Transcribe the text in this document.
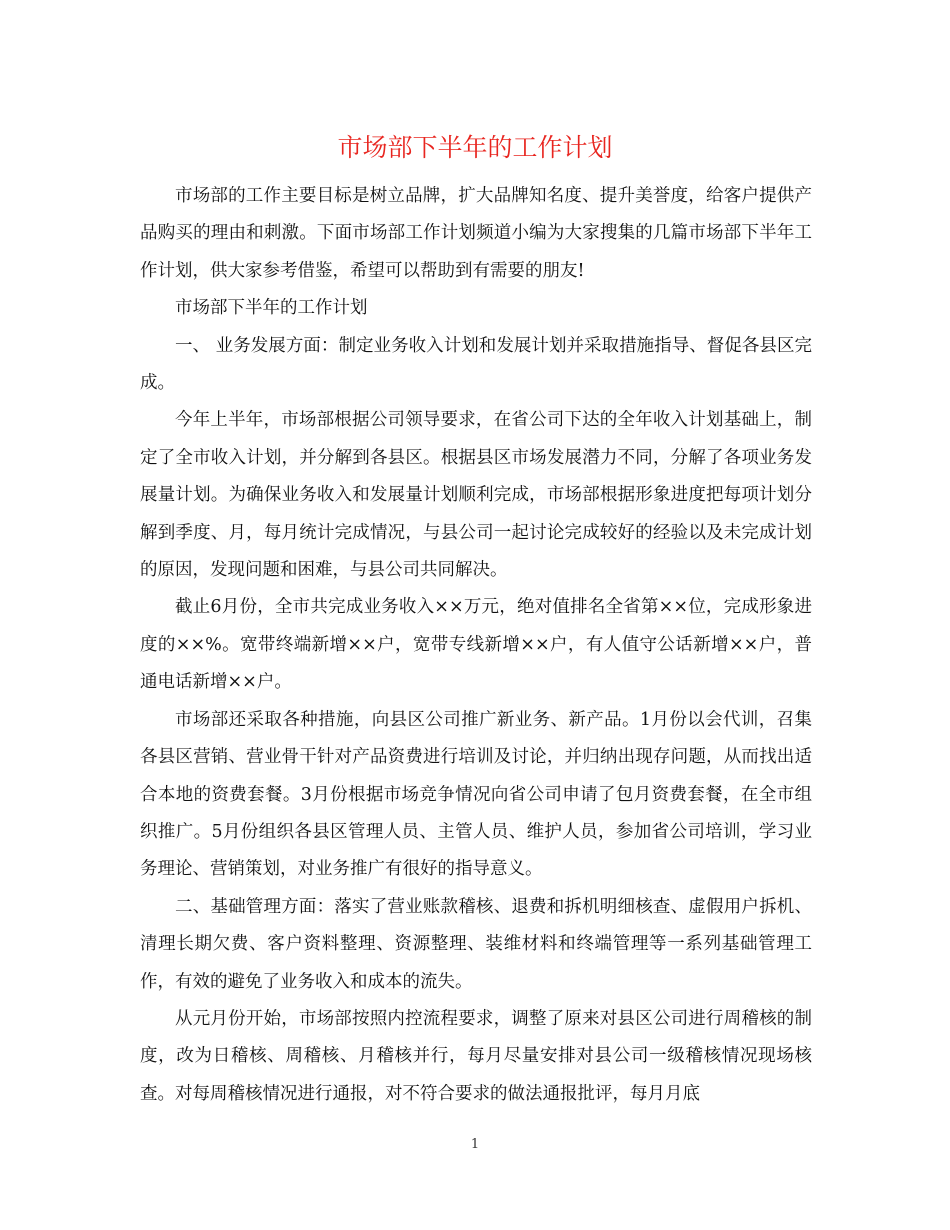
市场部下半年的工作计划

市场部的工作主要目标是树立品牌，扩大品牌知名度、提升美誉度，给客户提供产品购买的理由和刺激。下面市场部工作计划频道小编为大家搜集的几篇市场部下半年工作计划，供大家参考借鉴，希望可以帮助到有需要的朋友!

市场部下半年的工作计划

一、 业务发展方面：制定业务收入计划和发展计划并采取措施指导、督促各县区完成。

今年上半年，市场部根据公司领导要求，在省公司下达的全年收入计划基础上，制定了全市收入计划，并分解到各县区。根据县区市场发展潜力不同，分解了各项业务发展量计划。为确保业务收入和发展量计划顺利完成，市场部根据形象进度把每项计划分解到季度、月，每月统计完成情况，与县公司一起讨论完成较好的经验以及未完成计划的原因，发现问题和困难，与县公司共同解决。

截止6月份，全市共完成业务收入××万元，绝对值排名全省第××位，完成形象进度的××%。宽带终端新增××户，宽带专线新增××户，有人值守公话新增××户，普通电话新增××户。

市场部还采取各种措施，向县区公司推广新业务、新产品。1月份以会代训，召集各县区营销、营业骨干针对产品资费进行培训及讨论，并归纳出现存问题，从而找出适合本地的资费套餐。3月份根据市场竞争情况向省公司申请了包月资费套餐，在全市组织推广。5月份组织各县区管理人员、主管人员、维护人员，参加省公司培训，学习业务理论、营销策划，对业务推广有很好的指导意义。

二、基础管理方面：落实了营业账款稽核、退费和拆机明细核查、虚假用户拆机、清理长期欠费、客户资料整理、资源整理、装维材料和终端管理等一系列基础管理工作，有效的避免了业务收入和成本的流失。

从元月份开始，市场部按照内控流程要求，调整了原来对县区公司进行周稽核的制度，改为日稽核、周稽核、月稽核并行，每月尽量安排对县公司一级稽核情况现场核查。对每周稽核情况进行通报，对不符合要求的做法通报批评，每月月底

1
